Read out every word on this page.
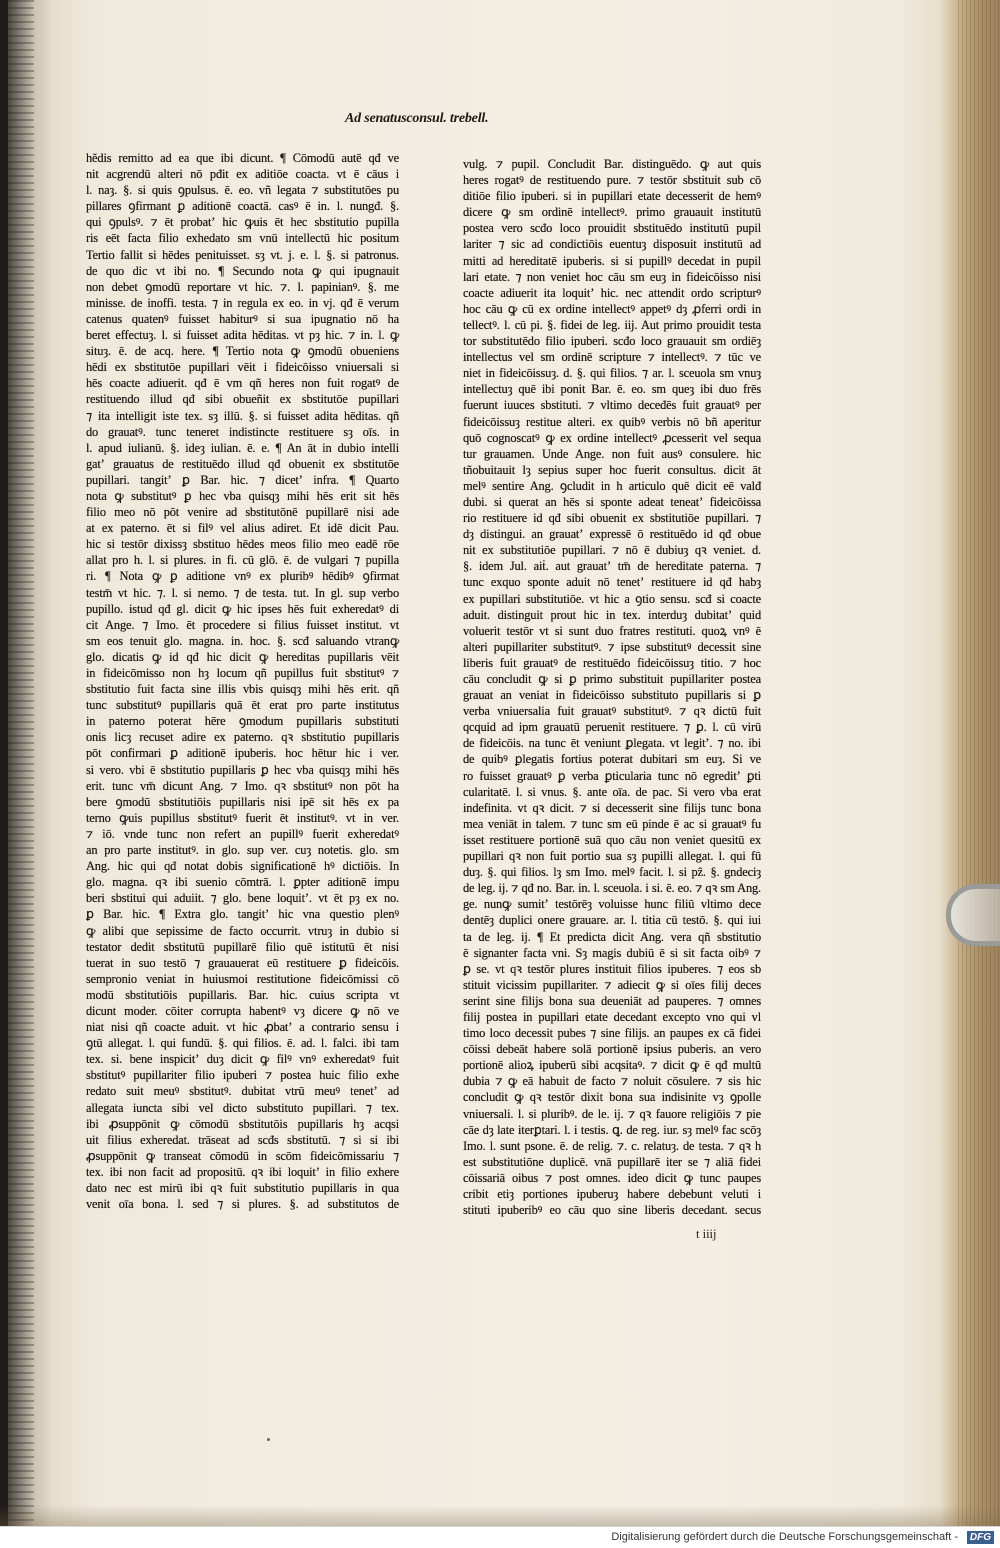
Ad senatusconsul. trebell.
hĕdis remitto ad ea que ibi dicunt. ¶ Cōmodū autē qđ ve
nit acgrendū alteri nō pđit ex aditiōe coacta. vt ē cāus i
l. naȝ. §. si quis ꝯpulsus. ē. eo. vñ legata ⁊ substitutōes pu
pillares ꝯfirmant ꝑ aditionē coactā. casꝰ ē in. l. nungđ. §.
qui ꝯpulsꝰ. ⁊ ēt probatʼ hic ꝙuis ēt hec sbstitutio pupilla
ris eēt facta filio exhedato sm vnū intellectū hic positum
Tertio fallit si hēdes penituisset. sȝ vt. j. e. l. §. si patronus.
de quo dic vt ibi no. ¶ Secundo nota ꝙ qui ipugnauit
non debet ꝯmodū reportare vt hic. ⁊. l. papinianꝰ. §. me
minisse. de inoffi. testa. ⁊ in regula ex eo. in vj. qđ ē verum
catenus quatenꝰ fuisset habiturꝰ si sua ipugnatio nō ha
beret effectuȝ. l. si fuisset adita hēditas. vt pȝ hic. ⁊ in. l. ꝙ
situȝ. ē. de acq. here. ¶ Tertio nota ꝙ ꝯmodū obueniens
hēdi ex sbstitutōe pupillari vēit i fideicōisso vniuersali si
hēs coacte adiuerit. qđ ē vm qñ heres non fuit rogatꝰ de
restituendo illud qđ sibi obueñit ex sbstitutōe pupillari
⁊ ita intelligit iste tex. sȝ illū. §. si fuisset adita hēditas. qñ
do grauatꝰ. tunc teneret indistincte restituere sȝ oīs. in
l. apud iulianū. §. ideȝ iulian. ē. e. ¶ An āt in dubio intelli
gatʼ grauatus de restituēdo illud qđ obuenit ex sbstitutōe
pupillari. tangitʼ ꝑ Bar. hic. ⁊ dicetʼ infra. ¶ Quarto
nota ꝙ substitutꝰ ꝑ hec vba quisqȝ mihi hēs erit sit hēs
filio meo nō pōt venire ad sbstitutōnē pupillarē nisi ade
at ex paterno. ēt si filꝰ vel alius adiret. Et idē dicit Pau.
hic si testōr dixissȝ sbstituo hēdes meos filio meo eadē rōe
allat pro h. l. si plures. in fi. cū glō. ē. de vulgari ⁊ pupilla
ri. ¶ Nota ꝙ ꝑ aditione vnꝰ ex pluribꝰ hēdibꝰ ꝯfirmat
testm̄ vt hic. ⁊. l. si nemo. ⁊ de testa. tut. In gl. sup verbo
pupillo. istud qđ gl. dicit ꝙ hic ipses hēs fuit exheredatꝰ di
cit Ange. ⁊ Imo. ēt procedere si filius fuisset institut. vt
sm eos tenuit glo. magna. in. hoc. §. scđ saluando vtranꝙ
glo. dicatis ꝙ id qđ hic dicit ꝙ hereditas pupillaris vēit
in fideicōmisso non hȝ locum qñ pupillus fuit sbstitutꝰ ⁊
sbstitutio fuit facta sine illis vbis quisqȝ mihi hēs erit. qñ
tunc substitutꝰ pupillaris quā ēt erat pro parte institutus
in paterno poterat hēre ꝯmodum pupillaris substituti
onis licȝ recuset adire ex paterno. qꝛ sbstitutio pupillaris
pōt confirmari ꝑ aditionē ipuberis. hoc hētur hic i ver.
si vero. vbi ē sbstitutio pupillaris ꝑ hec vba quisqȝ mihi hēs
erit. tunc vm̄ dicunt Ang. ⁊ Imo. qꝛ sbstitutꝰ non pōt ha
bere ꝯmodū sbstitutiōis pupillaris nisi ipē sit hēs ex pa
terno ꝙuis pupillus sbstitutꝰ fuerit ēt institutꝰ. vt in ver.
⁊ iō. vnde tunc non refert an pupillꝰ fuerit exheredatꝰ
an pro parte institutꝰ. in glo. sup ver. cuȝ notetis. glo. sm
Ang. hic qui qđ notat dobis significationē hꝰ dictiōis. In
glo. magna. qꝛ ibi suenio cōmtrā. l. ꝑpter aditionē impu
beri sbstitui qui aduiit. ⁊ glo. bene loquitʼ. vt ēt pȝ ex no.
ꝑ Bar. hic. ¶ Extra glo. tangitʼ hic vna questio plenꝰ
ꝙ alibi que sepissime de facto occurrit. vtruȝ in dubio si
testator dedit sbstitutū pupillarē filio quē istitutū ēt nisi
tuerat in suo testō ⁊ grauauerat eū restituere ꝑ fideicōis.
sempronio veniat in huiusmoi restitutione fideicōmissi cō
modū sbstitutiōis pupillaris. Bar. hic. cuius scripta vt
dicunt moder. cōiter corrupta habentꝰ vȝ dicere ꝙ nō ve
niat nisi qñ coacte aduit. vt hic ꝓbatʼ a contrario sensu i
ꝯtū allegat. l. qui fundū. §. qui filios. ē. ad. l. falci. ibi tam
tex. si. bene inspicitʼ duȝ dicit ꝙ filꝰ vnꝰ exheredatꝰ fuit
sbstitutꝰ pupillariter filio ipuberi ⁊ postea huic filio exhe
redato suit meuꝰ sbstitutꝰ. dubitat vtrū meuꝰ tenetʼ ad
allegata iuncta sibi vel dicto substituto pupillari. ⁊ tex.
ibi ꝓsuppōnit ꝙ cōmodū sbstitutōis pupillaris hȝ acqsi
uit filius exheredat. trāseat ad scđs sbstitutū. ⁊ si si ibi
ꝓsuppōnit ꝙ transeat cōmodū in scōm fideicōmissariu ⁊
tex. ibi non facit ad propositū. qꝛ ibi loquitʼ in filio exhere
dato nec est mirū ibi qꝛ fuit substitutio pupillaris in qua
venit oīa bona. l. sed ⁊ si plures. §. ad substitutos de
vulg. ⁊ pupil. Concludit Bar. distinguēdo. ꝙ aut quis
heres rogatꝰ de restituendo pure. ⁊ testōr sbstituit sub cō
ditiōe filio ipuberi. si in pupillari etate decesserit de hemꝰ
dicere ꝙ sm ordinē intellectꝰ. primo grauauit institutū
postea vero scđo loco prouidit sbstituēdo institutū pupil
lariter ⁊ sic ad condictiōis euentuȝ disposuit institutū ad
mitti ad hereditatē ipuberis. si si pupillꝰ decedat in pupil
lari etate. ⁊ non veniet hoc cāu sm euȝ in fideicōisso nisi
coacte adiuerit ita loquitʼ hic. nec attendit ordo scripturꝰ
hoc cāu ꝙ cū ex ordine intellectꝰ appetꝰ dȝ ꝓferri ordi in
tellectꝰ. l. cū pi. §. fidei de leg. iij. Aut primo prouidit testa
tor substitutēdo filio ipuberi. scđo loco grauauit sm ordiēȝ
intellectus vel sm ordinē scripture ⁊ intellectꝰ. ⁊ tūc ve
niet in fideicōissuȝ. d. §. qui filios. ⁊ ar. l. sceuola sm vnuȝ
intellectuȝ quē ibi ponit Bar. ē. eo. sm queȝ ibi duo frēs
fuerunt iuuces sbstituti. ⁊ vltimo deceđēs fuit grauatꝰ per
fideicōissuȝ restitue alteri. ex quibꝰ verbis nō bñ aperitur
quō cognoscatꝰ ꝙ ex ordine intellectꝰ ꝓcesserit vel sequa
tur grauamen. Unde Ange. non fuit ausꝰ consulere. hic
tñobuitauit lȝ sepius super hoc fuerit consultus. dicit āt
melꝰ sentire Ang. ꝯcludit in h articulo quē dicit eē valđ
dubi. si querat an hēs si sponte adeat teneatʼ fideicōissa
rio restituere id qđ sibi obuenit ex sbstitutiōe pupillari. ⁊
dȝ distingui. an grauatʼ expressē ō restituēdo id qđ obue
nit ex substitutiōe pupillari. ⁊ nō ē dubiuȝ qꝛ veniet. d.
§. idem Jul. aiṫ. aut grauatʼ tm̄ de hereditate paterna. ⁊
tunc exquo sponte aduit nō tenetʼ restituere id qđ habȝ
ex pupillari substitutiōe. vt hic a ꝯtio sensu. scđ si coacte
aduit. distinguit prout hic in tex. interduȝ dubitatʼ quid
voluerit testōr vt si sunt duo fratres restituti. quoꝝ vnꝰ ē
alteri pupillariter substitutꝰ. ⁊ ipse substitutꝰ decessit sine
liberis fuit grauatꝰ de restituēdo fideicōissuȝ titio. ⁊ hoc
cāu concludit ꝙ si ꝑ primo substituit pupillariter postea
grauat an veniat in fideicōisso substituto pupillaris si ꝑ
verba vniuersalia fuit grauatꝰ substitutꝰ. ⁊ qꝛ dictū fuit
qcquid ad ipm grauatū peruenit restituere. ⁊ ꝑ. l. cū virū
de fideicōis. na tunc ēt veniunt ꝑlegata. vt legitʼ. ⁊ no. ibi
de quibꝰ ꝑlegatis fortius poterat dubitari sm euȝ. Si ve
ro fuisset grauatꝰ ꝑ verba ꝑticularia tunc nō egreditʼ ꝑti
cularitatē. l. si vnus. §. ante oīa. de pac. Si vero vba erat
indefinita. vt qꝛ dicit. ⁊ si decesserit sine filijs tunc bona
mea veniāt in talem. ⁊ tunc sm eū pinde ē ac si grauatꝰ fu
isset restituere portionē suā quo cāu non veniet quesitū ex
pupillari qꝛ non fuit portio sua sȝ pupilli allegat. l. qui fū
duȝ. §. qui filios. lȝ sm Imo. melꝰ facit. l. si pẑ. §. gndeciȝ
de leg. ij. ⁊ qđ no. Bar. in. l. sceuola. i si. ē. eo. ⁊ qꝛ sm Ang.
ge. nunꝙ sumitʼ testōrēȝ voluisse hunc filiū vltimo dece
dentēȝ duplici onere grauare. ar. l. titia cū testō. §. qui iui
ta de leg. ij. ¶ Et predicta dicit Ang. vera qñ sbstitutio
ē signanter facta vni. Sȝ magis dubiū ē si sit facta oibꝰ ⁊
ꝑ se. vt qꝛ testōr plures instituit filios ipuberes. ⁊ eos sb
stituit vicissim pupillariter. ⁊ adiecit ꝙ si oīes filij deces
serint sine filijs bona sua deueniāt ad pauperes. ⁊ omnes
filij postea in pupillari etate decedant excepto vno qui vl
timo loco decessit pubes ⁊ sine filijs. an paupes ex cā fidei
cōissi debeāt habere solā portionē ipsius puberis. an vero
portionē alioꝝ ipuberū sibi acqsitaꝰ. ⁊ dicit ꝙ ē qđ multū
dubia ⁊ ꝙ eā habuit de facto ⁊ noluit cōsulere. ⁊ sis hic
concludit ꝙ qꝛ testōr dixit bona sua indisinite vȝ ꝯpolle
vniuersali. l. si pluribꝰ. de le. ij. ⁊ qꝛ fauore religiōis ⁊ pie
cāe dȝ late iterꝑtari. l. i testis. ꝗ. de reg. iur. sȝ melꝰ fac scōȝ
Imo. l. sunt psone. ē. de relig. ⁊. c. relatuȝ. de testa. ⁊ qꝛ h
est substitutiōne duplicē. vnā pupillarē iter se ⁊ aliā fidei
cōissariā oibus ⁊ post omnes. ideo dicit ꝙ tunc paupes
cribit etiȝ portiones ipuberuȝ habere debebunt veluti i
stituti ipuberibꝰ eo cāu quo sine liberis decedant. secus
t iiij
Digitalisierung gefördert durch die Deutsche Forschungsgemeinschaft -	DFG
